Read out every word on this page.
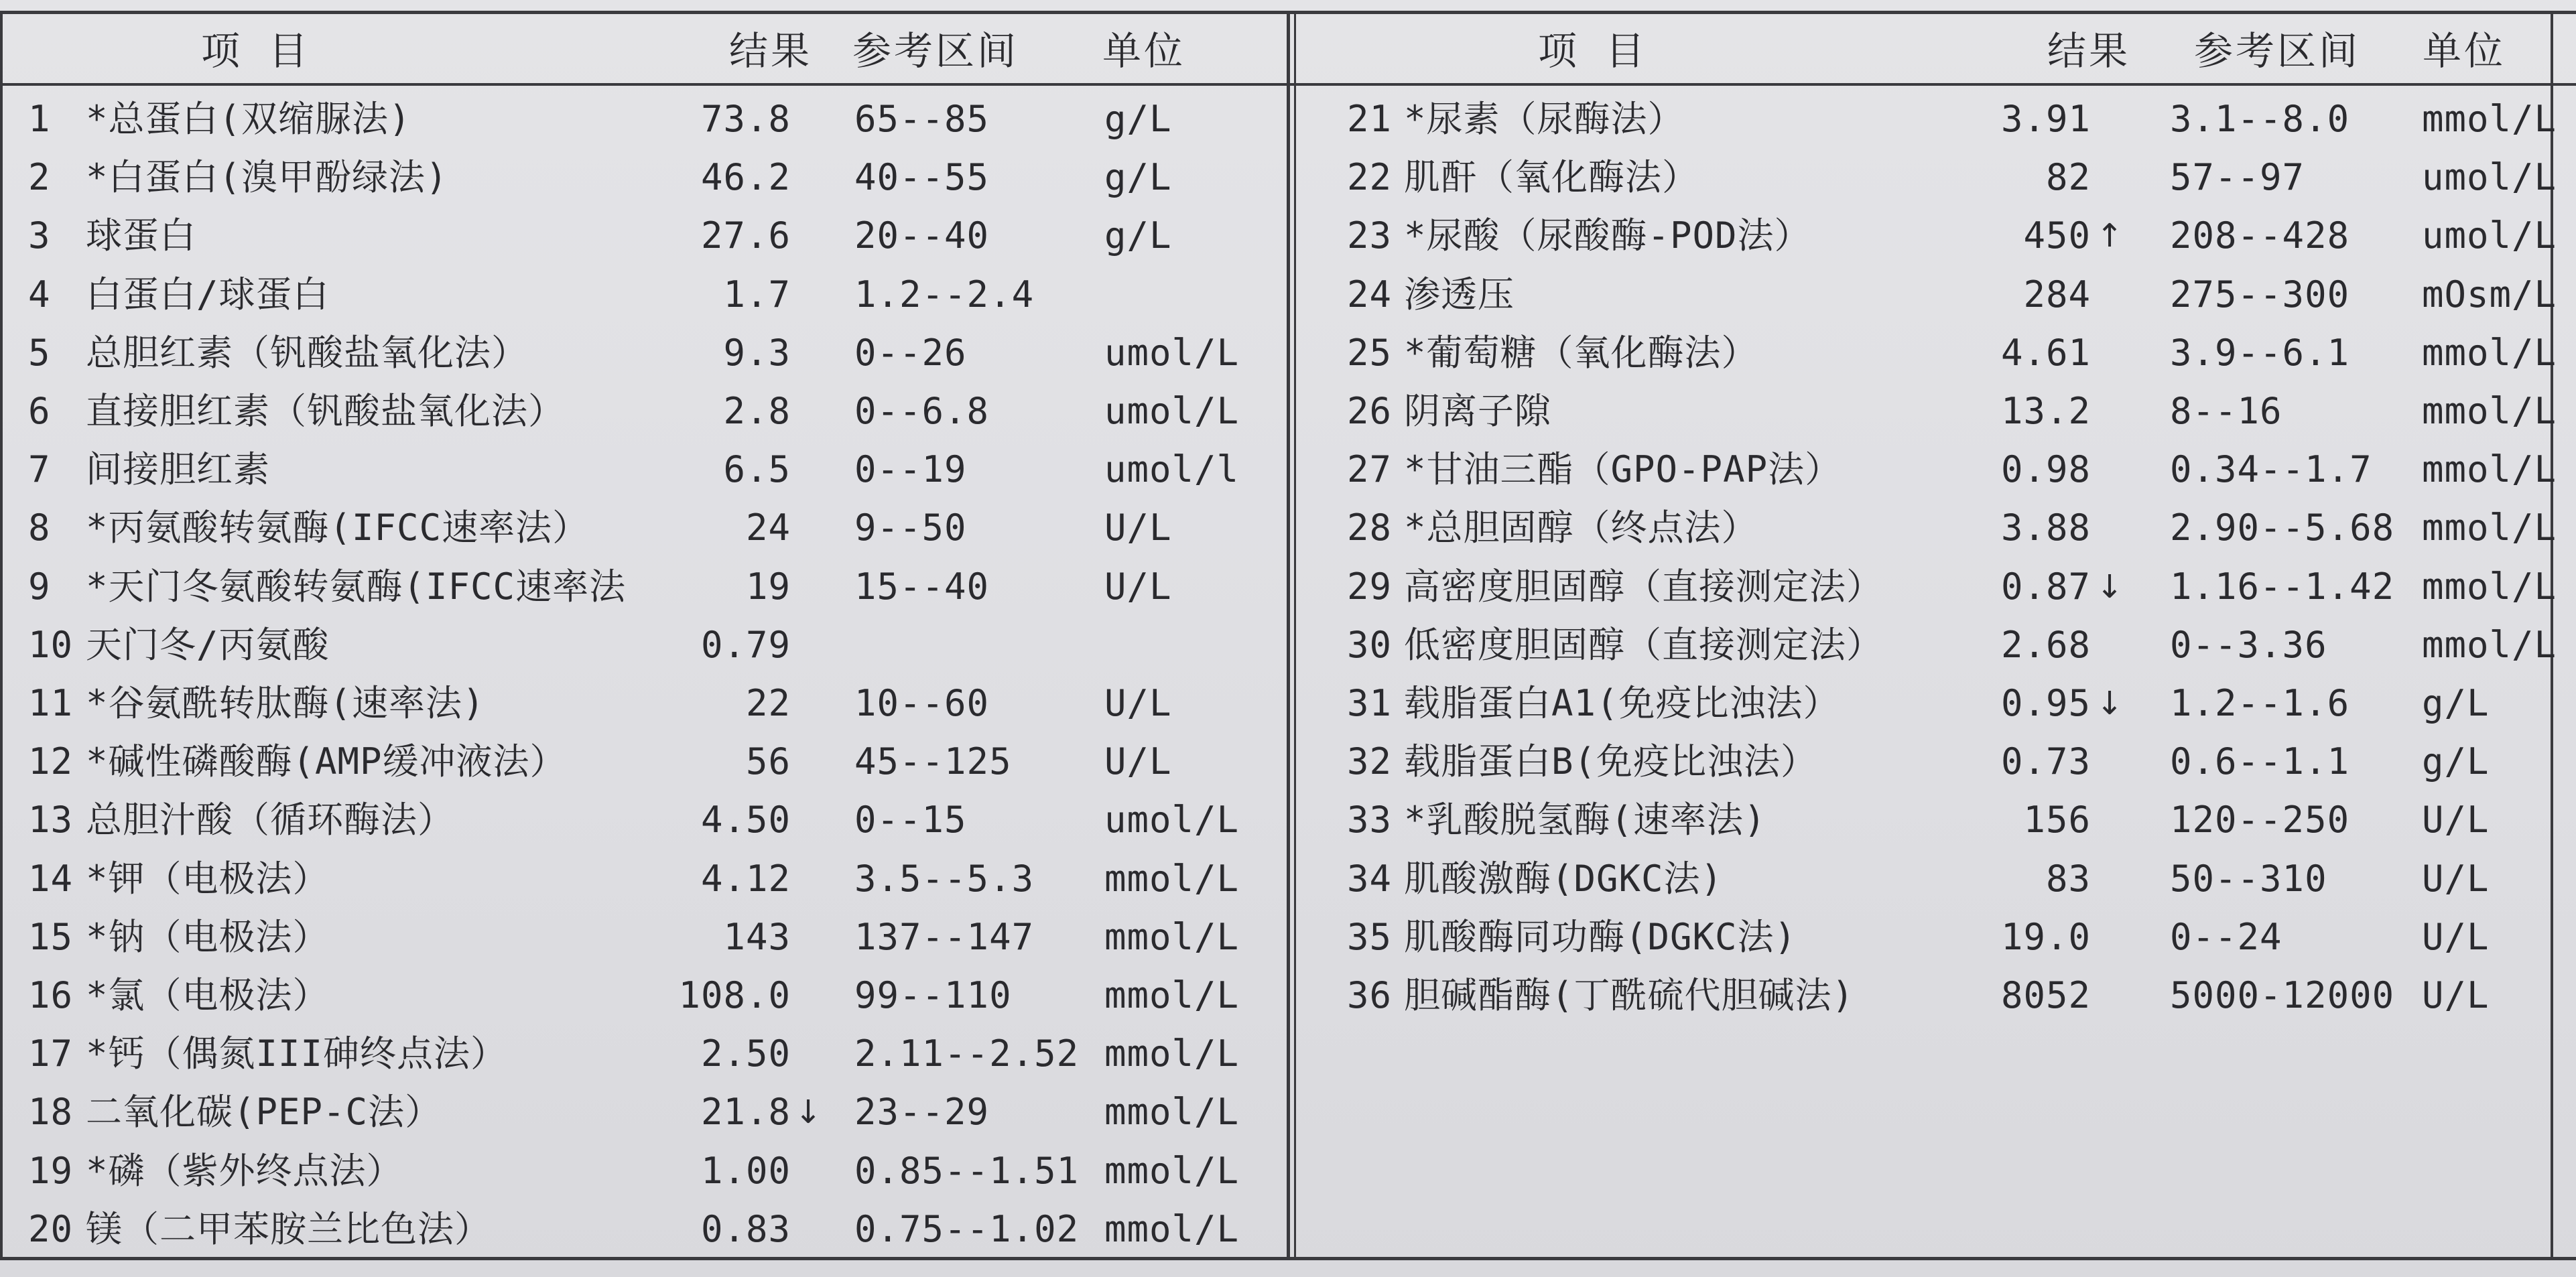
项 目	结果 参考区间 单位
1 *总蛋白(双缩脲法)	73.8 65--85	g/L
2 *白蛋白(溴甲酚绿法)	46.2 40--55	g/L
3 球蛋白	27.6 20--40	g/L
4 白蛋白/球蛋白	1.7 1.2--2.4
5 总胆红素（钒酸盐氧化法）	9.3 0--26	umol/L
6 直接胆红素（钒酸盐氧化法）	2.8 0--6.8	umol/L
7 间接胆红素	6.5 0--19	umol/l
8 *丙氨酸转氨酶(IFCC速率法）	24 9--50	U/L
9 *天门冬氨酸转氨酶(IFCC速率法	19 15--40	U/L
10 天门冬/丙氨酸	0.79
11 *谷氨酰转肽酶(速率法)	22 10--60	U/L
12 *碱性磷酸酶(AMP缓冲液法）	56 45--125	U/L
13 总胆汁酸（循环酶法）	4.50 0--15	umol/L
14 *钾（电极法）	4.12 3.5--5.3 mmol/L
15 *钠（电极法）	143 137--147 mmol/L
16 *氯（电极法）	108.0 99--110	mmol/L
17 *钙（偶氮III砷终点法）	2.50 2.11--2.52 mmol/L
18 二氧化碳(PEP-C法）	21.8 ↓ 23--29	mmol/L
19 *磷（紫外终点法）	1.00 0.85--1.51 mmol/L
20 镁（二甲苯胺兰比色法）	0.83 0.75--1.02 mmol/L
项 目	结果 参考区间 单位
21 *尿素（尿酶法）	3.91 3.1--8.0 mmol/L
22 肌酐（氧化酶法）	82 57--97	umol/L
23 *尿酸（尿酸酶-POD法）	450 ↑ 208--428 umol/L
24 渗透压	284 275--300 mOsm/L
25 *葡萄糖（氧化酶法）	4.61 3.9--6.1 mmol/L
26 阴离子隙	13.2 8--16	mmol/L
27 *甘油三酯（GPO-PAP法）	0.98 0.34--1.7 mmol/L
28 *总胆固醇（终点法）	3.88 2.90--5.68 mmol/L
29 高密度胆固醇（直接测定法）	0.87 ↓ 1.16--1.42 mmol/L
30 低密度胆固醇（直接测定法）	2.68 0--3.36	mmol/L
31 载脂蛋白A1(免疫比浊法）	0.95 ↓ 1.2--1.6 g/L
32 载脂蛋白B(免疫比浊法）	0.73 0.6--1.1 g/L
33 *乳酸脱氢酶(速率法)	156 120--250 U/L
34 肌酸激酶(DGKC法)	83 50--310	U/L
35 肌酸酶同功酶(DGKC法)	19.0 0--24	U/L
36 胆碱酯酶(丁酰硫代胆碱法)	8052 5000-12000 U/L
